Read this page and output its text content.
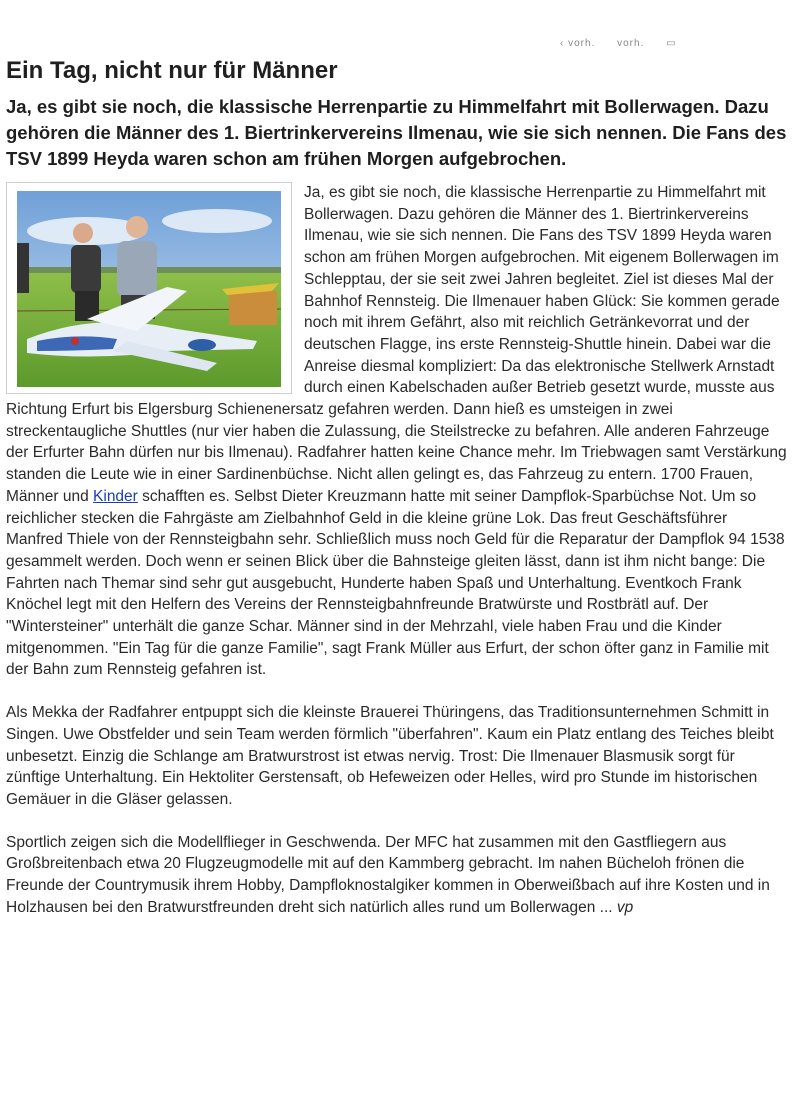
‹ vorh. vorh. ▭
Ein Tag, nicht nur für Männer
Ja, es gibt sie noch, die klassische Herrenpartie zu Himmelfahrt mit Bollerwagen. Dazu gehören die Männer des 1. Biertrinkervereins Ilmenau, wie sie sich nennen. Die Fans des TSV 1899 Heyda waren schon am frühen Morgen aufgebrochen.

Ja, es gibt sie noch, die klassische Herrenpartie zu Himmelfahrt mit Bollerwagen. Dazu gehören die Männer des 1. Biertrinkervereins Ilmenau, wie sie sich nennen. Die Fans des TSV 1899 Heyda waren schon am frühen Morgen aufgebrochen. Mit eigenem Bollerwagen im Schlepptau, der sie seit zwei Jahren begleitet. Ziel ist dieses Mal der Bahnhof Rennsteig. Die Ilmenauer haben Glück: Sie kommen gerade noch mit ihrem Gefährt, also mit reichlich Getränkevorrat und der deutschen Flagge, ins erste Rennsteig-Shuttle hinein. Dabei war die Anreise diesmal kompliziert: Da das elektronische Stellwerk Arnstadt durch einen Kabelschaden außer Betrieb gesetzt wurde, musste aus Richtung Erfurt bis Elgersburg Schienenersatz gefahren werden. Dann hieß es umsteigen in zwei streckentaugliche Shuttles (nur vier haben die Zulassung, die Steilstrecke zu befahren. Alle anderen Fahrzeuge der Erfurter Bahn dürfen nur bis Ilmenau). Radfahrer hatten keine Chance mehr. Im Triebwagen samt Verstärkung standen die Leute wie in einer Sardinenbüchse. Nicht allen gelingt es, das Fahrzeug zu entern. 1700 Frauen, Männer und Kinder schafften es. Selbst Dieter Kreuzmann hatte mit seiner Dampflok-Sparbüchse Not. Um so reichlicher stecken die Fahrgäste am Zielbahnhof Geld in die kleine grüne Lok. Das freut Geschäftsführer Manfred Thiele von der Rennsteigbahn sehr. Schließlich muss noch Geld für die Reparatur der Dampflok 94 1538 gesammelt werden. Doch wenn er seinen Blick über die Bahnsteige gleiten lässt, dann ist ihm nicht bange: Die Fahrten nach Themar sind sehr gut ausgebucht, Hunderte haben Spaß und Unterhaltung. Eventkoch Frank Knöchel legt mit den Helfern des Vereins der Rennsteigbahnfreunde Bratwürste und Rostbrätl auf. Der "Wintersteiner" unterhält die ganze Schar. Männer sind in der Mehrzahl, viele haben Frau und die Kinder mitgenommen. "Ein Tag für die ganze Familie", sagt Frank Müller aus Erfurt, der schon öfter ganz in Familie mit der Bahn zum Rennsteig gefahren ist.

Als Mekka der Radfahrer entpuppt sich die kleinste Brauerei Thüringens, das Traditionsunternehmen Schmitt in Singen. Uwe Obstfelder und sein Team werden förmlich "überfahren". Kaum ein Platz entlang des Teiches bleibt unbesetzt. Einzig die Schlange am Bratwurstrost ist etwas nervig. Trost: Die Ilmenauer Blasmusik sorgt für zünftige Unterhaltung. Ein Hektoliter Gerstensaft, ob Hefeweizen oder Helles, wird pro Stunde im historischen Gemäuer in die Gläser gelassen.

Sportlich zeigen sich die Modellflieger in Geschwenda. Der MFC hat zusammen mit den Gastfliegern aus Großbreitenbach etwa 20 Flugzeugmodelle mit auf den Kammberg gebracht. Im nahen Bücheloh frönen die Freunde der Countrymusik ihrem Hobby, Dampfloknostalgiker kommen in Oberweißbach auf ihre Kosten und in Holzhausen bei den Bratwurstfreunden dreht sich natürlich alles rund um Bollerwagen ... vp
